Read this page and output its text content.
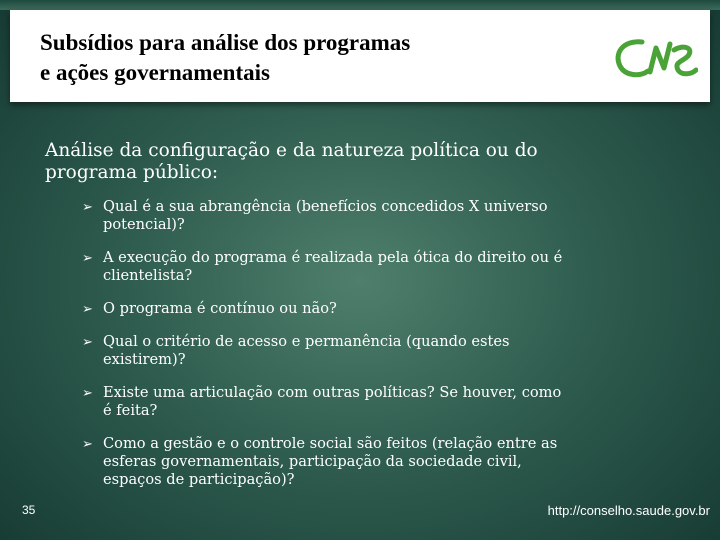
Subsídios para análise dos programas
e ações governamentais
Análise da configuração e da natureza política ou do
programa público:
➢ Qual é a sua abrangência (benefícios concedidos X universo
potencial)?
➢ A execução do programa é realizada pela ótica do direito ou é
clientelista?
➢ O programa é contínuo ou não?
➢ Qual o critério de acesso e permanência (quando estes
existirem)?
➢ Existe uma articulação com outras políticas? Se houver, como
é feita?
➢ Como a gestão e o controle social são feitos (relação entre as
esferas governamentais, participação da sociedade civil,
espaços de participação)?
35	http://conselho.saude.gov.br
